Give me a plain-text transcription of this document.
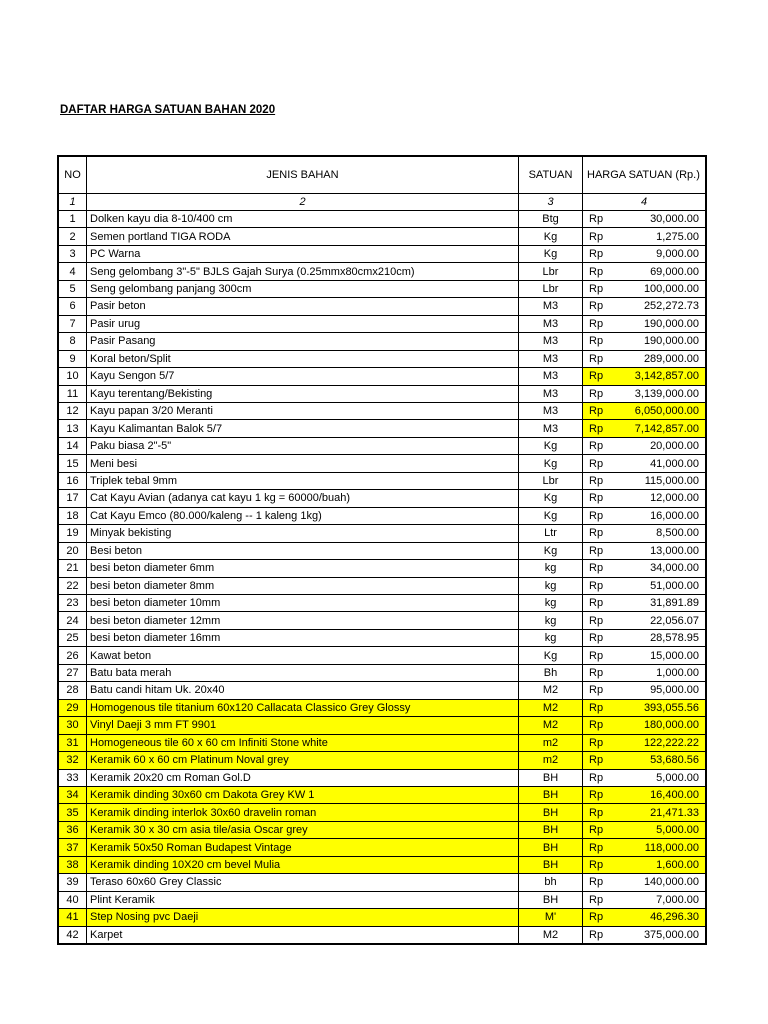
DAFTAR HARGA SATUAN BAHAN 2020
NO	JENIS BAHAN	SATUAN	HARGA SATUAN (Rp.)	
1	2	3	4	
1	Dolken kayu dia 8-10/400 cm	Btg	Rp	30,000.00
2	Semen portland TIGA RODA	Kg	Rp	1,275.00
3	PC Warna	Kg	Rp	9,000.00
4	Seng gelombang 3"-5" BJLS Gajah Surya (0.25mmx80cmx210cm)	Lbr	Rp	69,000.00
5	Seng gelombang panjang 300cm	Lbr	Rp	100,000.00
6	Pasir beton	M3	Rp	252,272.73
7	Pasir urug	M3	Rp	190,000.00
8	Pasir Pasang	M3	Rp	190,000.00
9	Koral beton/Split	M3	Rp	289,000.00
10	Kayu Sengon 5/7	M3	Rp	3,142,857.00
11	Kayu terentang/Bekisting	M3	Rp	3,139,000.00
12	Kayu papan 3/20 Meranti	M3	Rp	6,050,000.00
13	Kayu Kalimantan Balok 5/7	M3	Rp	7,142,857.00
14	Paku biasa 2"-5"	Kg	Rp	20,000.00
15	Meni besi	Kg	Rp	41,000.00
16	Triplek tebal 9mm	Lbr	Rp	115,000.00
17	Cat Kayu Avian (adanya cat kayu 1 kg = 60000/buah)	Kg	Rp	12,000.00
18	Cat Kayu Emco (80.000/kaleng -- 1 kaleng 1kg)	Kg	Rp	16,000.00
19	Minyak bekisting	Ltr	Rp	8,500.00
20	Besi beton	Kg	Rp	13,000.00
21	besi beton diameter 6mm	kg	Rp	34,000.00
22	besi beton diameter 8mm	kg	Rp	51,000.00
23	besi beton diameter 10mm	kg	Rp	31,891.89
24	besi beton diameter 12mm	kg	Rp	22,056.07
25	besi beton diameter 16mm	kg	Rp	28,578.95
26	Kawat beton	Kg	Rp	15,000.00
27	Batu bata merah	Bh	Rp	1,000.00
28	Batu candi hitam Uk. 20x40	M2	Rp	95,000.00
29	Homogenous tile titanium 60x120 Callacata Classico Grey Glossy	M2	Rp	393,055.56
30	Vinyl Daeji 3 mm FT 9901	M2	Rp	180,000.00
31	Homogeneous tile 60 x 60 cm Infiniti Stone white	m2	Rp	122,222.22
32	Keramik 60 x 60 cm Platinum Noval grey	m2	Rp	53,680.56
33	Keramik 20x20 cm Roman Gol.D	BH	Rp	5,000.00
34	Keramik dinding 30x60 cm Dakota Grey KW 1	BH	Rp	16,400.00
35	Keramik dinding interlok 30x60 dravelin roman	BH	Rp	21,471.33
36	Keramik 30 x 30 cm asia tile/asia Oscar grey	BH	Rp	5,000.00
37	Keramik 50x50 Roman Budapest Vintage	BH	Rp	118,000.00
38	Keramik dinding 10X20 cm bevel Mulia	BH	Rp	1,600.00
39	Teraso 60x60 Grey Classic	bh	Rp	140,000.00
40	Plint Keramik	BH	Rp	7,000.00
41	Step Nosing pvc Daeji	M'	Rp	46,296.30
42	Karpet	M2	Rp	375,000.00
